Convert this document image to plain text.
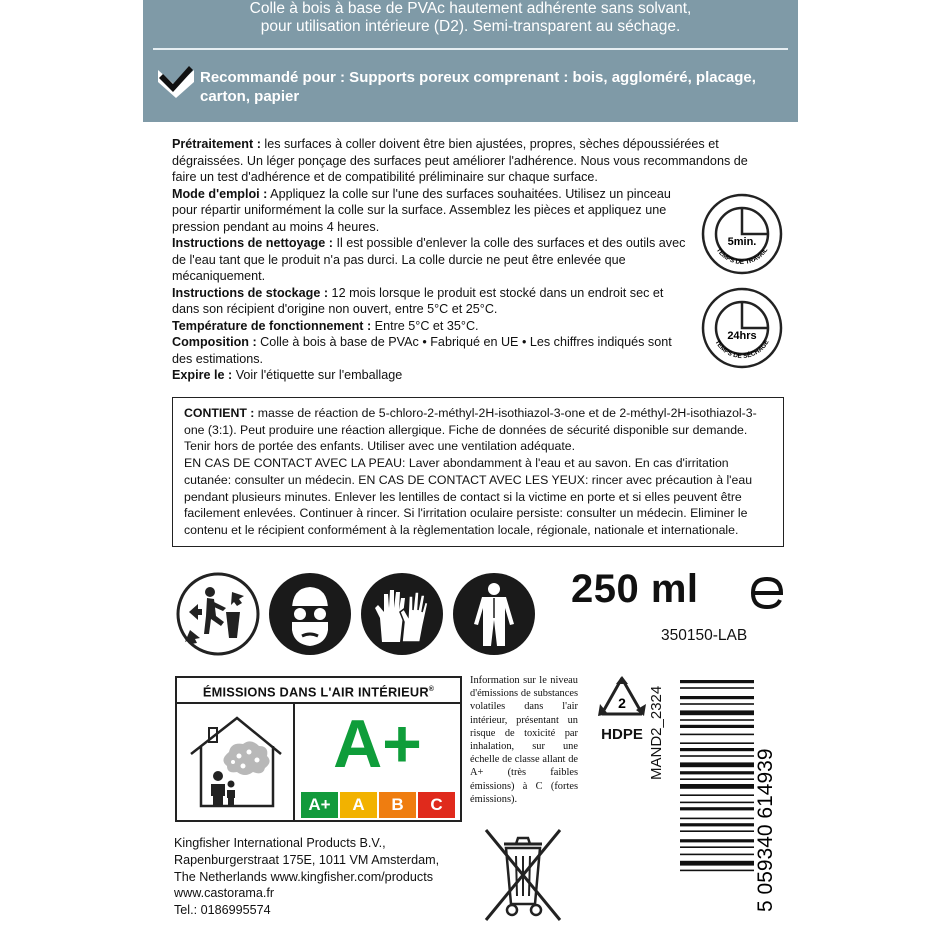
Colle à bois à base de PVAc hautement adhérente sans solvant,
pour utilisation intérieure (D2). Semi-transparent au séchage.
Recommandé pour : Supports poreux comprenant : bois, aggloméré, placage, carton, papier

Prétraitement : les surfaces à coller doivent être bien ajustées, propres, sèches dépoussiérées et dégraissées. Un léger ponçage des surfaces peut améliorer l'adhérence. Nous vous recommandons de faire un test d'adhérence et de compatibilité préliminaire sur chaque surface.

Mode d'emploi : Appliquez la colle sur l'une des surfaces souhaitées. Utilisez un pinceau pour répartir uniformément la colle sur la surface. Assemblez les pièces et appliquez une pression pendant au moins 4 heures.

Instructions de nettoyage : Il est possible d'enlever la colle des surfaces et des outils avec de l'eau tant que le produit n'a pas durci. La colle durcie ne peut être enlevée que mécaniquement.

Instructions de stockage : 12 mois lorsque le produit est stocké dans un endroit sec et dans son récipient d'origine non ouvert, entre 5°C et 25°C.

Température de fonctionnement : Entre 5°C et 35°C.

Composition : Colle à bois à base de PVAc • Fabriqué en UE • Les chiffres indiqués sont des estimations.

Expire le : Voir l'étiquette sur l'emballage

5min.
TEMPS DE TRAVAIL
24hrs
TEMPS DE SÉCHAGE

CONTIENT : masse de réaction de 5-chloro-2-méthyl-2H-isothiazol-3-one et de 2-méthyl-2H-isothiazol-3-one (3:1). Peut produire une réaction allergique. Fiche de données de sécurité disponible sur demande. Tenir hors de portée des enfants. Utiliser avec une ventilation adéquate.

EN CAS DE CONTACT AVEC LA PEAU: Laver abondamment à l'eau et au savon. En cas d'irritation cutanée: consulter un médecin. EN CAS DE CONTACT AVEC LES YEUX: rincer avec précaution à l'eau pendant plusieurs minutes. Enlever les lentilles de contact si la victime en porte et si elles peuvent être facilement enlevées. Continuer à rincer. Si l'irritation oculaire persiste: consulter un médecin. Eliminer le contenu et le récipient conformément à la règlementation locale, régionale, nationale et internationale.

250 ml
350150-LAB
ÉMISSIONS DANS L'AIR INTÉRIEUR®
A+
A+	A	B	C
Information sur le niveau d'émissions de substances volatiles dans l'air intérieur, présentant un risque de toxicité par inhalation, sur une échelle de classe allant de A+ (très faibles émissions) à C (fortes émissions).
2
HDPE MAND2_2324
5 059340 614939

Kingfisher International Products B.V.,

Rapenburgerstraat 175E, 1011 VM Amsterdam,

The Netherlands www.kingfisher.com/products

www.castorama.fr

Tel.: 0186995574
